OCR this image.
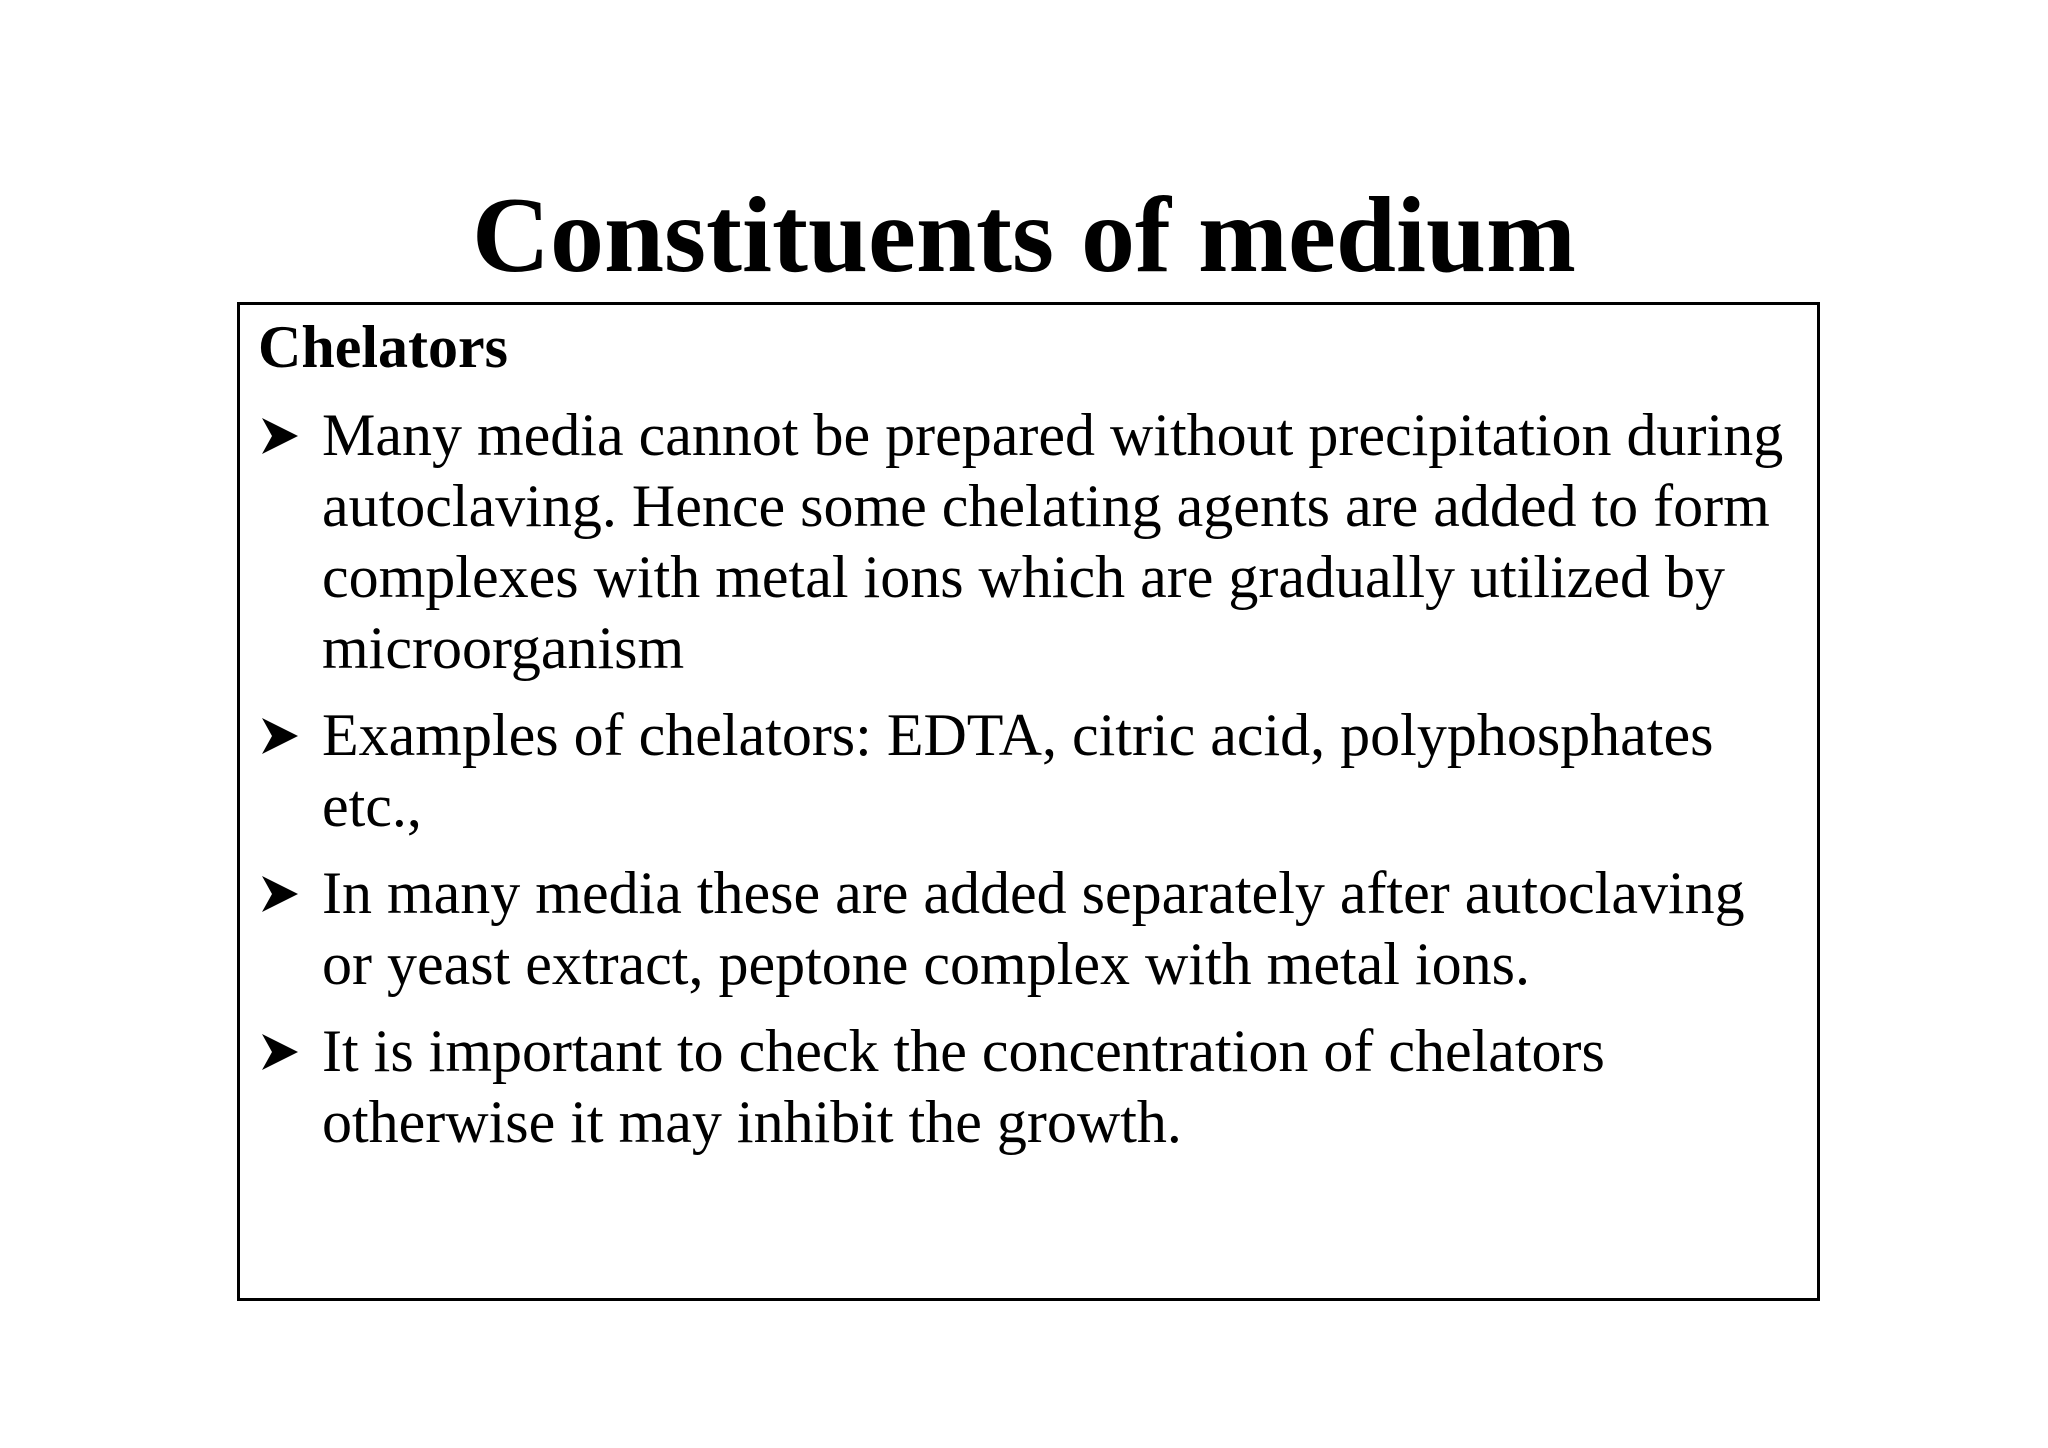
Constituents of medium
Chelators
Many media cannot be prepared without precipitation during autoclaving. Hence some chelating agents are added to form complexes with metal ions which are gradually utilized by microorganism
Examples of chelators: EDTA, citric acid, polyphosphates etc.,
In many media these are added separately after autoclaving or yeast extract, peptone complex with metal ions.
It is important to check the concentration of chelators otherwise it may inhibit the growth.
